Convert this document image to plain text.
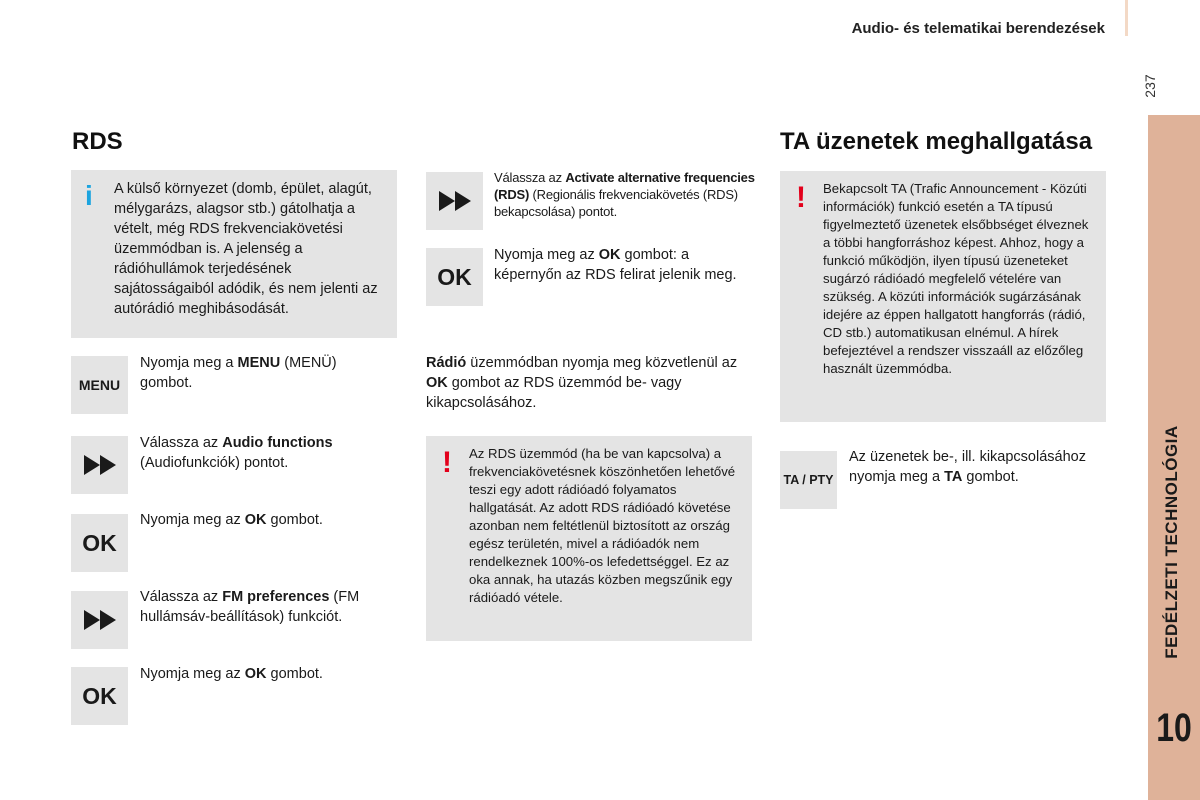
Audio- és telematikai berendezések
237
FEDÉLZETI TECHNOLÓGIA
10
RDS
i A külső környezet (domb, épület, alagút, mélygarázs, alagsor stb.) gátolhatja a vételt, még RDS frekvenciakövetési üzemmódban is. A jelenség a rádióhullámok terjedésének sajátosságaiból adódik, és nem jelenti az autórádió meghibásodását.
MENU
Nyomja meg a MENU (MENÜ) gombot.
Válassza az Audio functions (Audiofunkciók) pontot.
OK
Nyomja meg az OK gombot.
Válassza az FM preferences (FM hullámsáv-beállítások) funkciót.
OK
Nyomja meg az OK gombot.
Válassza az Activate alternative frequencies (RDS) (Regionális frekvenciakövetés (RDS) bekapcsolása) pontot.
OK
Nyomja meg az OK gombot: a képernyőn az RDS felirat jelenik meg.
Rádió üzemmódban nyomja meg közvetlenül az OK gombot az RDS üzemmód be- vagy kikapcsolásához.
! Az RDS üzemmód (ha be van kapcsolva) a frekvenciakövetésnek köszönhetően lehetővé teszi egy adott rádióadó folyamatos hallgatását. Az adott RDS rádióadó követése azonban nem feltétlenül biztosított az ország egész területén, mivel a rádióadók nem rendelkeznek 100%-os lefedettséggel. Ez az oka annak, ha utazás közben megszűnik egy rádióadó vétele.
TA üzenetek meghallgatása
! Bekapcsolt TA (Trafic Announcement - Közúti információk) funkció esetén a TA típusú figyelmeztető üzenetek elsőbbséget élveznek a többi hangforráshoz képest. Ahhoz, hogy a funkció működjön, ilyen típusú üzeneteket sugárzó rádióadó megfelelő vételére van szükség. A közúti információk sugárzásának idejére az éppen hallgatott hangforrás (rádió, CD stb.) automatikusan elnémul. A hírek befejeztével a rendszer visszaáll az előzőleg használt üzemmódba.
TA / PTY
Az üzenetek be-, ill. kikapcsolásához nyomja meg a TA gombot.
